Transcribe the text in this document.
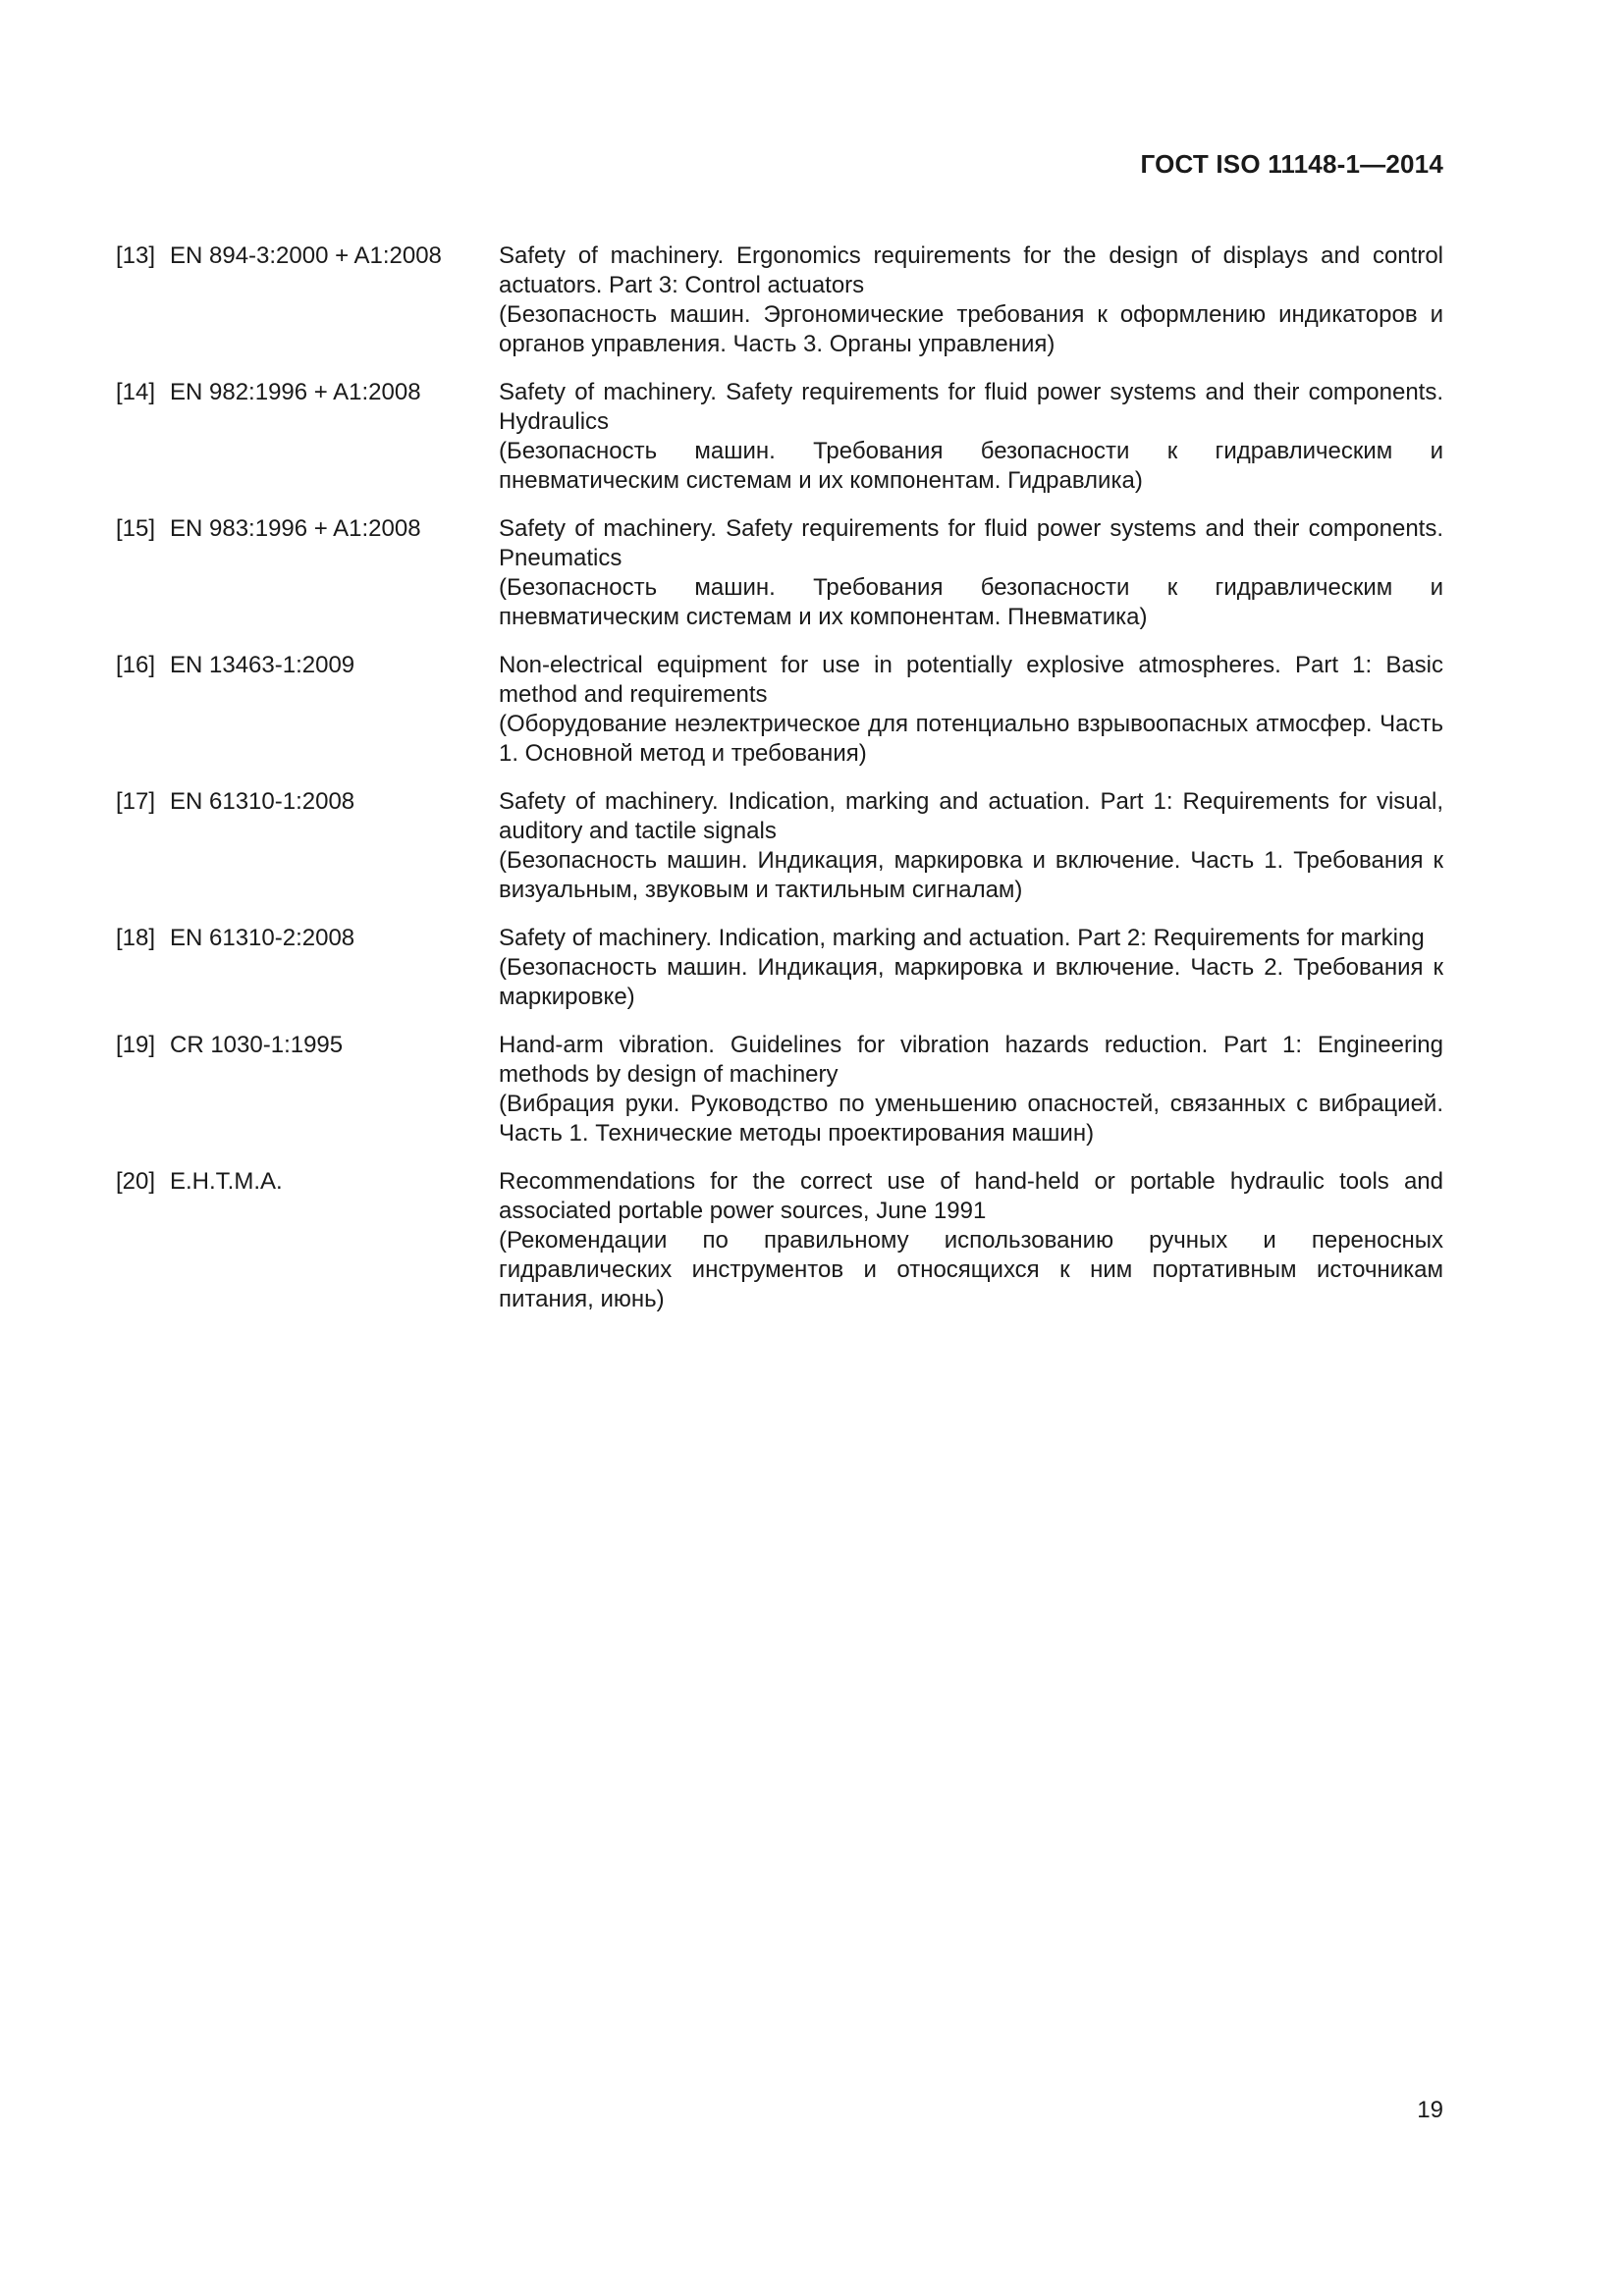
ГОСТ ISO 11148-1—2014
[13] EN 894-3:2000 + A1:2008	Safety of machinery. Ergonomics requirements for the design of displays and control actuators. Part 3: Control actuators

(Безопасность машин. Эргономические требования к оформлению индикаторов и органов управления. Часть 3. Органы управления)

[14] EN 982:1996 + A1:2008	Safety of machinery. Safety requirements for fluid power systems and their components. Hydraulics

(Безопасность машин. Требования безопасности к гидравлическим и пневматическим системам и их компонентам. Гидравлика)

[15] EN 983:1996 + A1:2008	Safety of machinery. Safety requirements for fluid power systems and their components. Pneumatics

(Безопасность машин. Требования безопасности к гидравлическим и пневматическим системам и их компонентам. Пневматика)

[16] EN 13463-1:2009	Non-electrical equipment for use in potentially explosive atmospheres. Part 1: Basic method and requirements

(Оборудование неэлектрическое для потенциально взрывоопасных атмосфер. Часть 1. Основной метод и требования)

[17] EN 61310-1:2008	Safety of machinery. Indication, marking and actuation. Part 1: Requirements for visual, auditory and tactile signals

(Безопасность машин. Индикация, маркировка и включение. Часть 1. Требования к визуальным, звуковым и тактильным сигналам)

[18] EN 61310-2:2008	Safety of machinery. Indication, marking and actuation. Part 2: Requirements for marking

(Безопасность машин. Индикация, маркировка и включение. Часть 2. Требования к маркировке)

[19] CR 1030-1:1995	Hand-arm vibration. Guidelines for vibration hazards reduction. Part 1: Engineering methods by design of machinery

(Вибрация руки. Руководство по уменьшению опасностей, связанных с вибрацией. Часть 1. Технические методы проектирования машин)

[20] E.H.T.M.A.	Recommendations for the correct use of hand-held or portable hydraulic tools and associated portable power sources, June 1991

(Рекомендации по правильному использованию ручных и переносных гидравлических инструментов и относящихся к ним портативным источникам питания, июнь)

19
